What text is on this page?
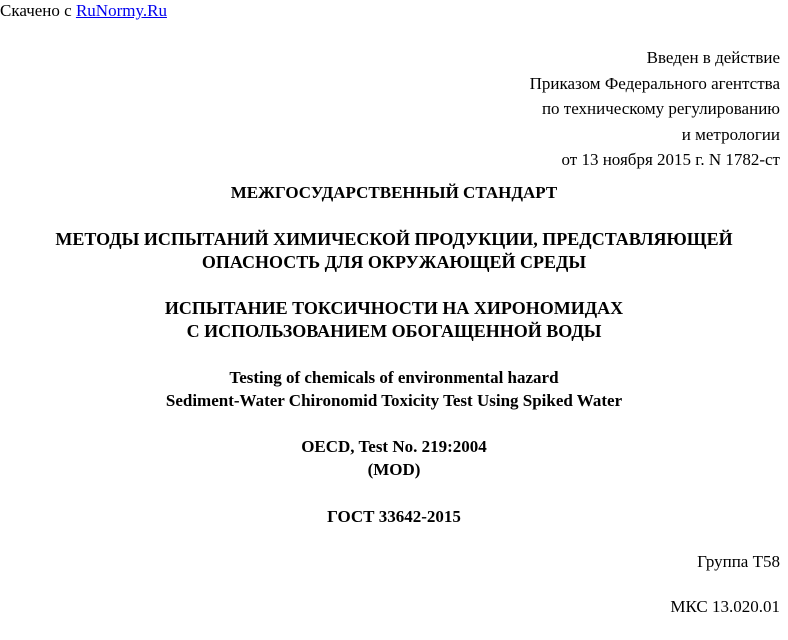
Скачено с RuNormy.Ru
Введен в действие
Приказом Федерального агентства
по техническому регулированию
и метрологии
от 13 ноября 2015 г. N 1782-ст
МЕЖГОСУДАРСТВЕННЫЙ СТАНДАРТ
МЕТОДЫ ИСПЫТАНИЙ ХИМИЧЕСКОЙ ПРОДУКЦИИ, ПРЕДСТАВЛЯЮЩЕЙ
ОПАСНОСТЬ ДЛЯ ОКРУЖАЮЩЕЙ СРЕДЫ
ИСПЫТАНИЕ ТОКСИЧНОСТИ НА ХИРОНОМИДАХ
С ИСПОЛЬЗОВАНИЕМ ОБОГАЩЕННОЙ ВОДЫ
Testing of chemicals of environmental hazard
Sediment-Water Chironomid Toxicity Test Using Spiked Water
OECD, Test No. 219:2004
(MOD)
ГОСТ 33642-2015
Группа Т58
МКС 13.020.01
